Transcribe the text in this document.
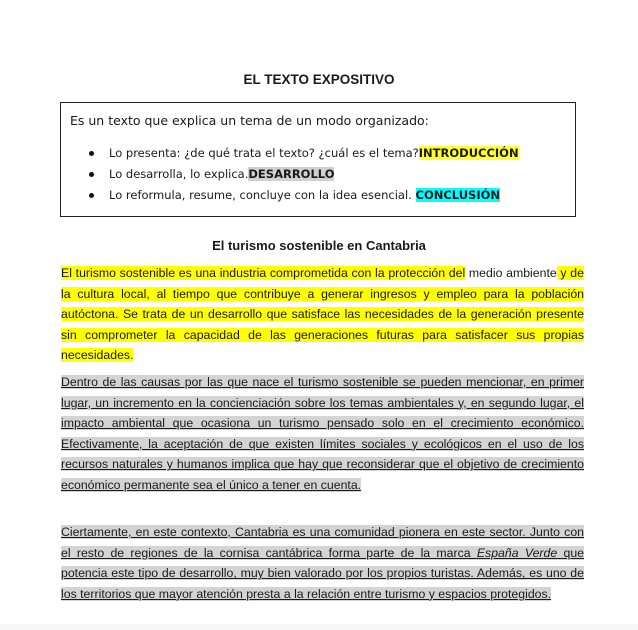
EL TEXTO EXPOSITIVO
Es un texto que explica un tema de un modo organizado:
Lo presenta: ¿de qué trata el texto? ¿cuál es el tema?INTRODUCCIÓN
Lo desarrolla, lo explica.DESARROLLO
Lo reformula, resume, concluye con la idea esencial. CONCLUSIÓN
El turismo sostenible en Cantabria

El turismo sostenible es una industria comprometida con la protección del medio ambiente y de la cultura local, al tiempo que contribuye a generar ingresos y empleo para la población autóctona. Se trata de un desarrollo que satisface las necesidades de la generación presente sin comprometer la capacidad de las generaciones futuras para satisfacer sus propias necesidades.

Dentro de las causas por las que nace el turismo sostenible se pueden mencionar, en primer lugar, un incremento en la concienciación sobre los temas ambientales y, en segundo lugar, el impacto ambiental que ocasiona un turismo pensado solo en el crecimiento económico. Efectivamente, la aceptación de que existen límites sociales y ecológicos en el uso de los recursos naturales y humanos implica que hay que reconsiderar que el objetivo de crecimiento económico permanente sea el único a tener en cuenta.

Ciertamente, en este contexto, Cantabria es una comunidad pionera en este sector. Junto con el resto de regiones de la cornisa cantábrica forma parte de la marca España Verde que potencia este tipo de desarrollo, muy bien valorado por los propios turistas. Además, es uno de los territorios que mayor atención presta a la relación entre turismo y espacios protegidos.
